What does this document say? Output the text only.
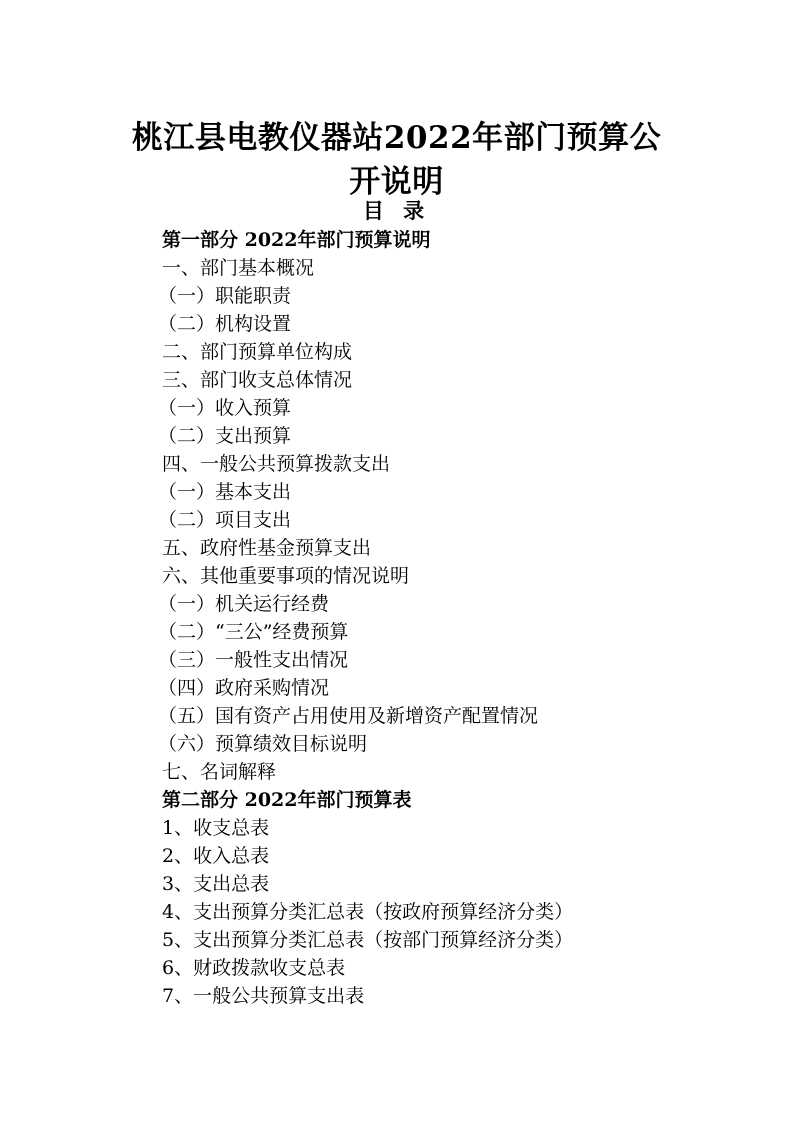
桃江县电教仪器站2022年部门预算公
开说明
目 录
第一部分 2022年部门预算说明
一、部门基本概况
（一）职能职责
（二）机构设置
二、部门预算单位构成
三、部门收支总体情况
（一）收入预算
（二）支出预算
四、一般公共预算拨款支出
（一）基本支出
（二）项目支出
五、政府性基金预算支出
六、其他重要事项的情况说明
（一）机关运行经费
（二）“三公”经费预算
（三）一般性支出情况
（四）政府采购情况
（五）国有资产占用使用及新增资产配置情况
（六）预算绩效目标说明
七、名词解释
第二部分 2022年部门预算表
1、收支总表
2、收入总表
3、支出总表
4、支出预算分类汇总表（按政府预算经济分类）
5、支出预算分类汇总表（按部门预算经济分类）
6、财政拨款收支总表
7、一般公共预算支出表
